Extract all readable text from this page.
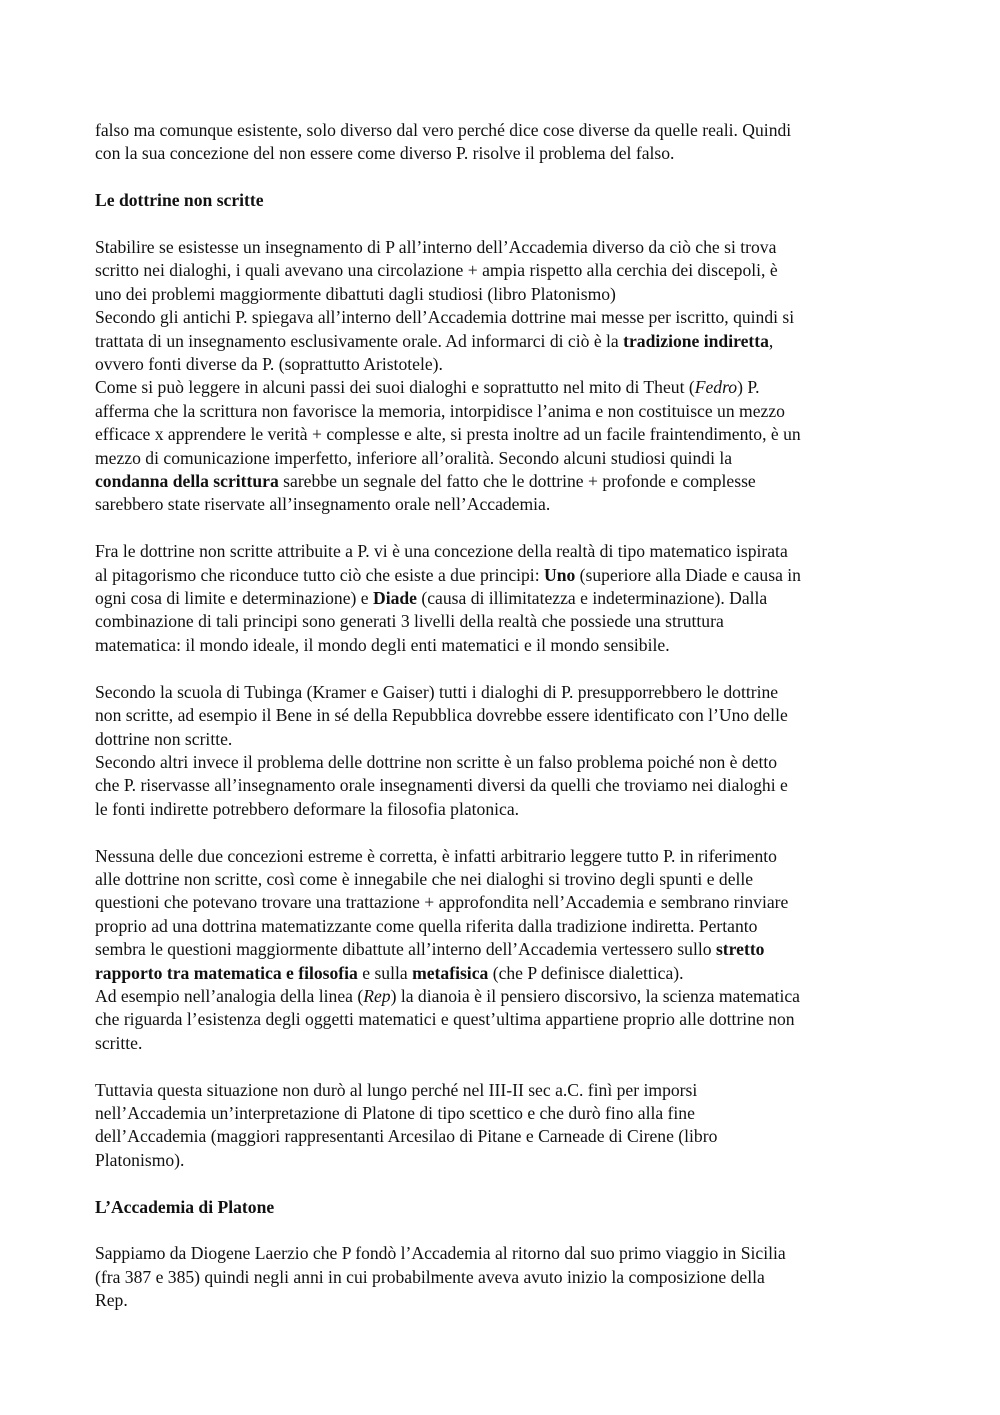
falso ma comunque esistente, solo diverso dal vero perché dice cose diverse da quelle reali. Quindi
con la sua concezione del non essere come diverso P. risolve il problema del falso.
Le dottrine non scritte
Stabilire se esistesse un insegnamento di P all’interno dell’Accademia diverso da ciò che si trova
scritto nei dialoghi, i quali avevano una circolazione + ampia rispetto alla cerchia dei discepoli, è
uno dei problemi maggiormente dibattuti dagli studiosi (libro Platonismo)
Secondo gli antichi P. spiegava all’interno dell’Accademia dottrine mai messe per iscritto, quindi si
trattata di un insegnamento esclusivamente orale. Ad informarci di ciò è la tradizione indiretta,
ovvero fonti diverse da P. (soprattutto Aristotele).
Come si può leggere in alcuni passi dei suoi dialoghi e soprattutto nel mito di Theut (Fedro) P.
afferma che la scrittura non favorisce la memoria, intorpidisce l’anima e non costituisce un mezzo
efficace x apprendere le verità + complesse e alte, si presta inoltre ad un facile fraintendimento, è un
mezzo di comunicazione imperfetto, inferiore all’oralità. Secondo alcuni studiosi quindi la
condanna della scrittura sarebbe un segnale del fatto che le dottrine + profonde e complesse
sarebbero state riservate all’insegnamento orale nell’Accademia.
Fra le dottrine non scritte attribuite a P. vi è una concezione della realtà di tipo matematico ispirata
al pitagorismo che riconduce tutto ciò che esiste a due principi: Uno (superiore alla Diade e causa in
ogni cosa di limite e determinazione) e Diade (causa di illimitatezza e indeterminazione). Dalla
combinazione di tali principi sono generati 3 livelli della realtà che possiede una struttura
matematica: il mondo ideale, il mondo degli enti matematici e il mondo sensibile.
Secondo la scuola di Tubinga (Kramer e Gaiser) tutti i dialoghi di P. presupporrebbero le dottrine
non scritte, ad esempio il Bene in sé della Repubblica dovrebbe essere identificato con l’Uno delle
dottrine non scritte.
Secondo altri invece il problema delle dottrine non scritte è un falso problema poiché non è detto
che P. riservasse all’insegnamento orale insegnamenti diversi da quelli che troviamo nei dialoghi e
le fonti indirette potrebbero deformare la filosofia platonica.
Nessuna delle due concezioni estreme è corretta, è infatti arbitrario leggere tutto P. in riferimento
alle dottrine non scritte, così come è innegabile che nei dialoghi si trovino degli spunti e delle
questioni che potevano trovare una trattazione + approfondita nell’Accademia e sembrano rinviare
proprio ad una dottrina matematizzante come quella riferita dalla tradizione indiretta. Pertanto
sembra le questioni maggiormente dibattute all’interno dell’Accademia vertessero sullo stretto
rapporto tra matematica e filosofia e sulla metafisica (che P definisce dialettica).
Ad esempio nell’analogia della linea (Rep) la dianoia è il pensiero discorsivo, la scienza matematica
che riguarda l’esistenza degli oggetti matematici e quest’ultima appartiene proprio alle dottrine non
scritte.
Tuttavia questa situazione non durò al lungo perché nel III-II sec a.C. finì per imporsi
nell’Accademia un’interpretazione di Platone di tipo scettico e che durò fino alla fine
dell’Accademia (maggiori rappresentanti Arcesilao di Pitane e Carneade di Cirene (libro
Platonismo).
L’Accademia di Platone
Sappiamo da Diogene Laerzio che P fondò l’Accademia al ritorno dal suo primo viaggio in Sicilia
(fra 387 e 385) quindi negli anni in cui probabilmente aveva avuto inizio la composizione della
Rep.
